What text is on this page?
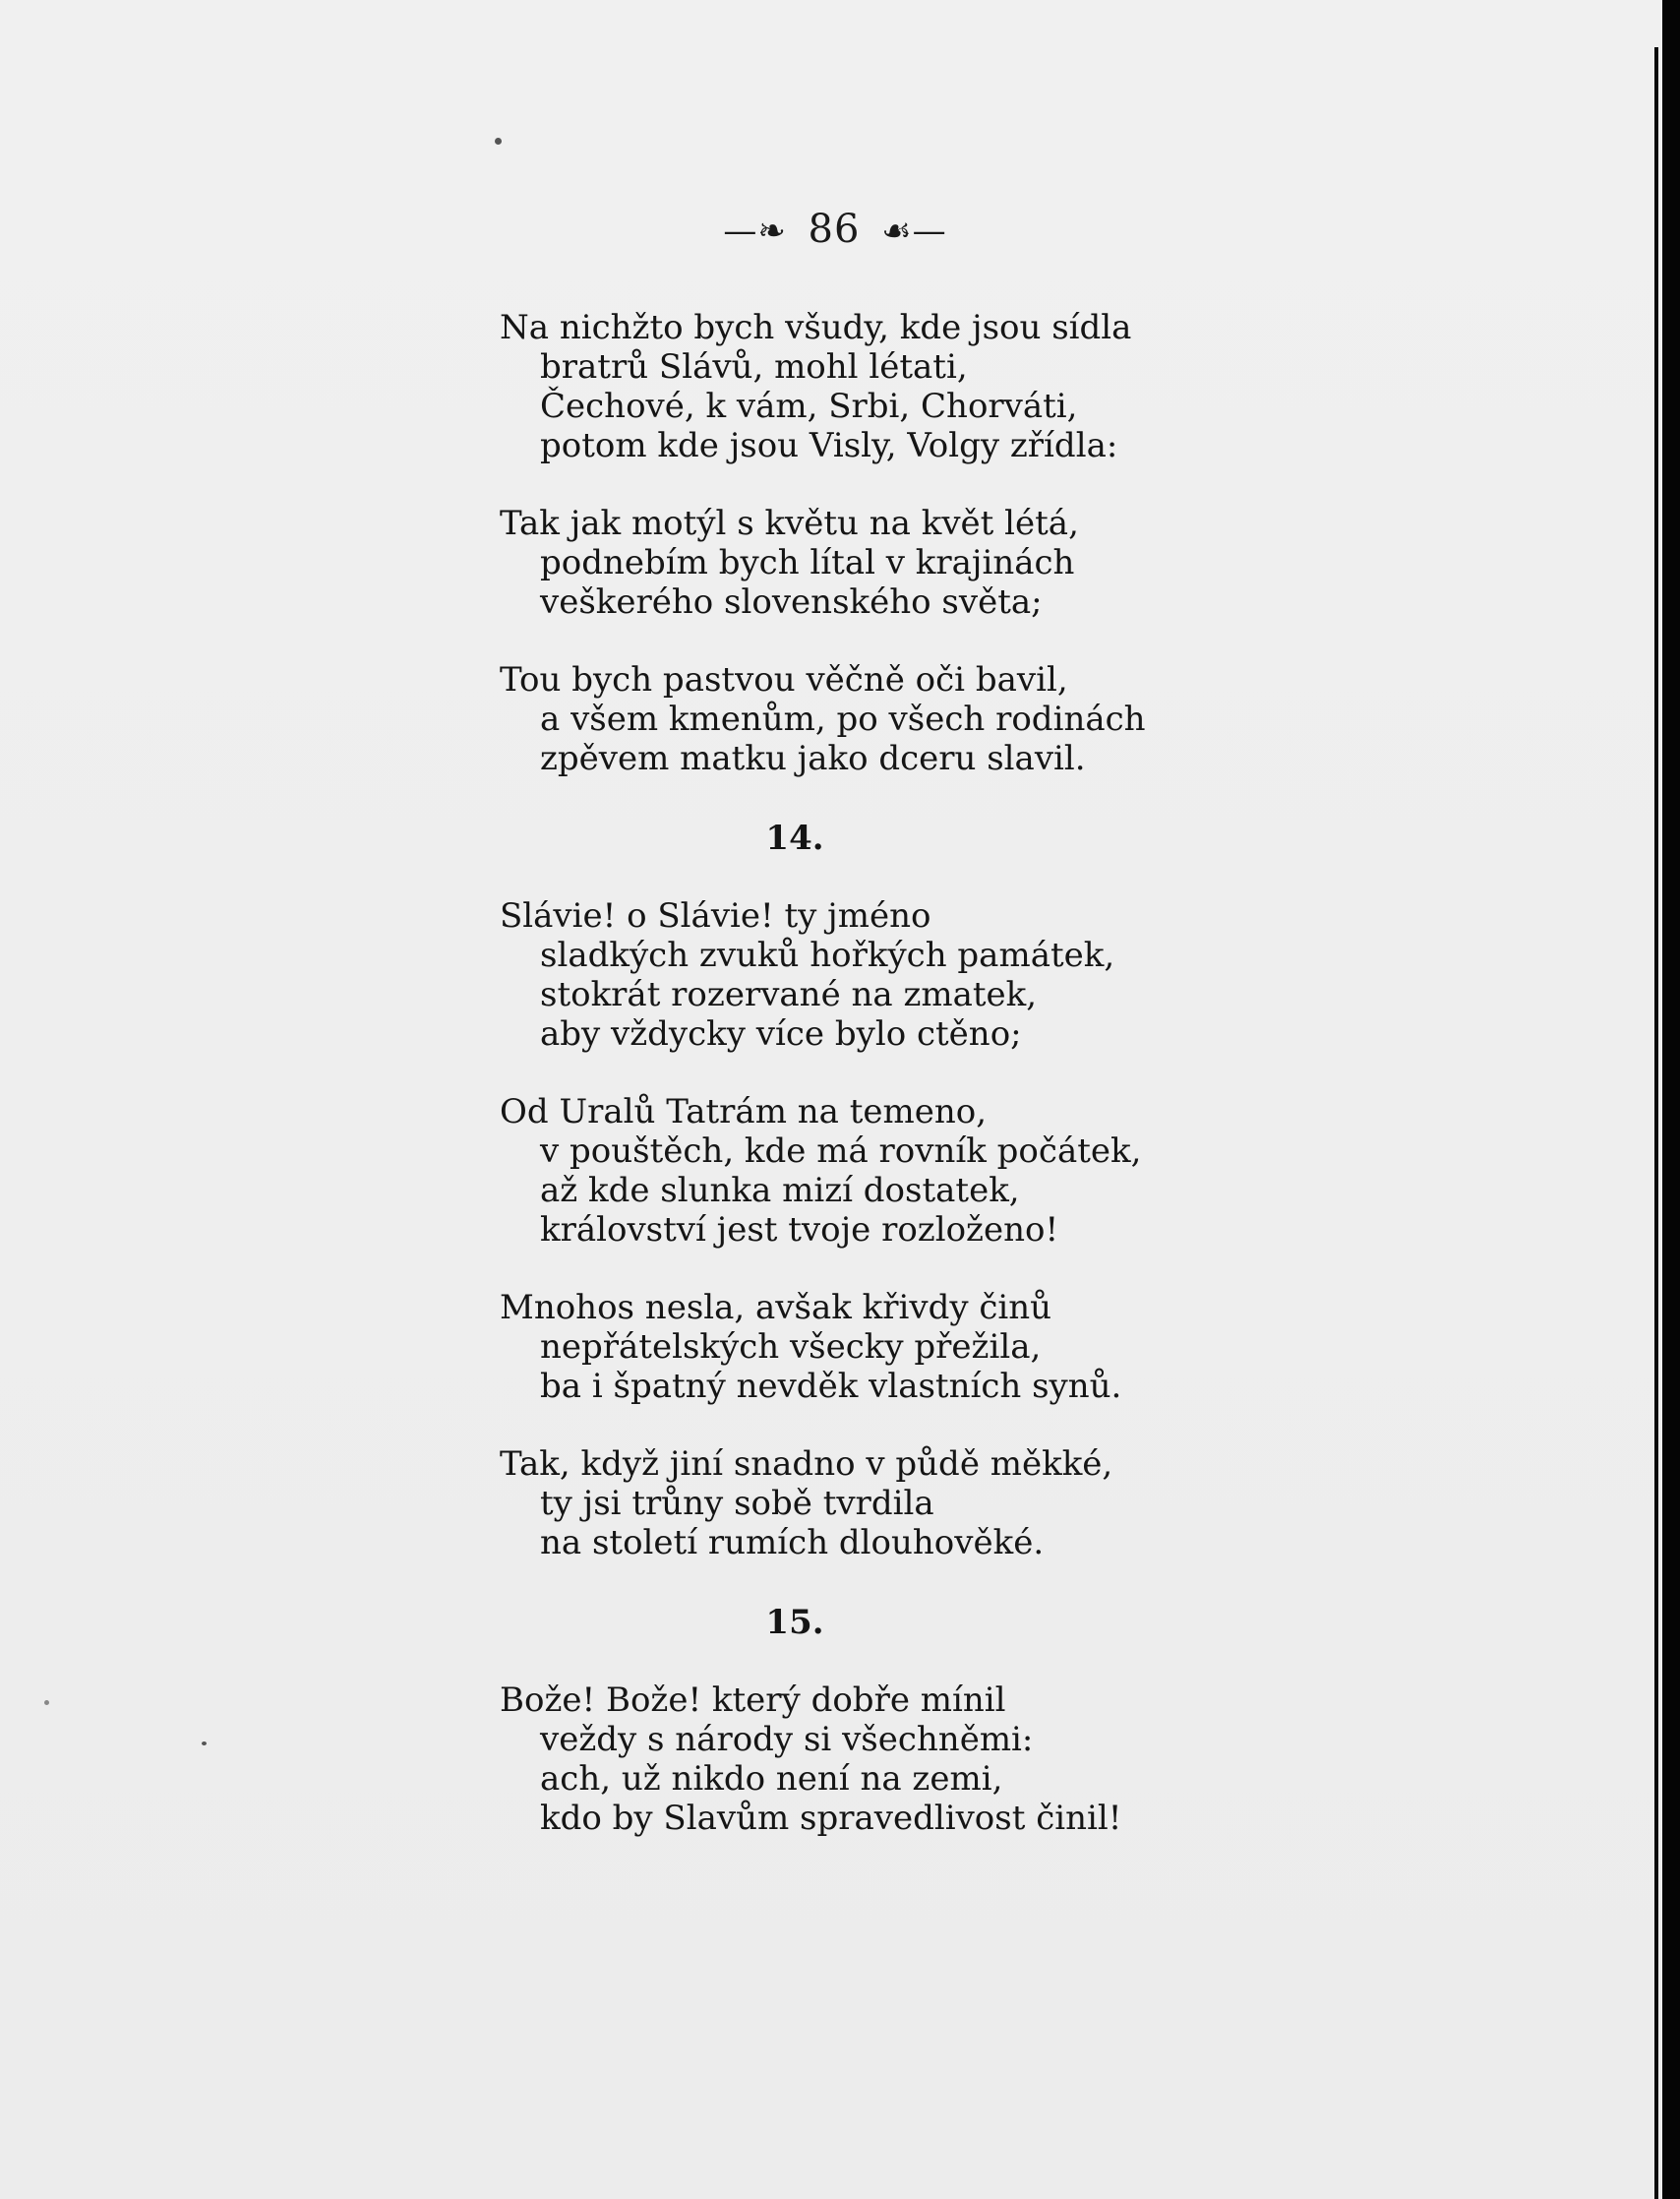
—❧ 86 ☙—
Na nichžto bych všudy, kde jsou sídla
bratrů Slávů, mohl létati,
Čechové, k vám, Srbi, Chorváti,
potom kde jsou Visly, Volgy zřídla:
Tak jak motýl s květu na květ létá,
podnebím bych lítal v krajinách
veškerého slovenského světa;
Tou bych pastvou věčně oči bavil,
a všem kmenům, po všech rodinách
zpěvem matku jako dceru slavil.
14.
Slávie! o Slávie! ty jméno
sladkých zvuků hořkých památek,
stokrát rozervané na zmatek,
aby vždycky více bylo ctěno;
Od Uralů Tatrám na temeno,
v pouštěch, kde má rovník počátek,
až kde slunka mizí dostatek,
království jest tvoje rozloženo!
Mnohos nesla, avšak křivdy činů
nepřátelských všecky přežila,
ba i špatný nevděk vlastních synů.
Tak, když jiní snadno v půdě měkké,
ty jsi trůny sobě tvrdila
na století rumích dlouhověké.
15.
Bože! Bože! který dobře mínil
veždy s národy si všechněmi:
ach, už nikdo není na zemi,
kdo by Slavům spravedlivost činil!
